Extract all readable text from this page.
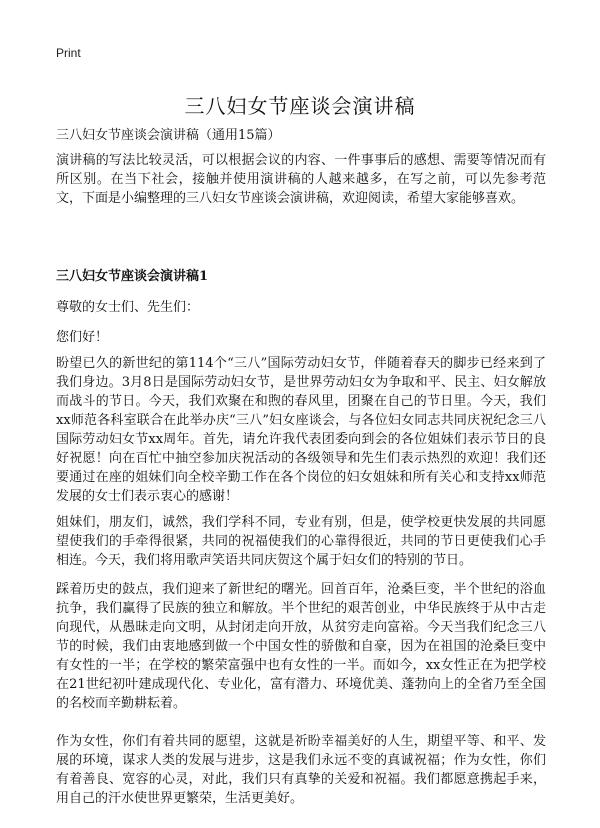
Print
三八妇女节座谈会演讲稿
三八妇女节座谈会演讲稿（通用15篇）

演讲稿的写法比较灵活，可以根据会议的内容、一件事事后的感想、需要等情况而有所区别。在当下社会，接触并使用演讲稿的人越来越多，在写之前，可以先参考范文，下面是小编整理的三八妇女节座谈会演讲稿，欢迎阅读，希望大家能够喜欢。

三八妇女节座谈会演讲稿1
尊敬的女士们、先生们：
您们好！

盼望已久的新世纪的第114个“三八”国际劳动妇女节，伴随着春天的脚步已经来到了我们身边。3月8日是国际劳动妇女节，是世界劳动妇女为争取和平、民主、妇女解放而战斗的节日。今天，我们欢聚在和煦的春风里，团聚在自己的节日里。今天，我们xx师范各科室联合在此举办庆“三八”妇女座谈会，与各位妇女同志共同庆祝纪念三八国际劳动妇女节xx周年。首先，请允许我代表团委向到会的各位姐妹们表示节日的良好祝愿！向在百忙中抽空参加庆祝活动的各级领导和先生们表示热烈的欢迎！我们还要通过在座的姐妹们向全校辛勤工作在各个岗位的妇女姐妹和所有关心和支持xx师范发展的女士们表示衷心的感谢！

姐妹们，朋友们，诚然，我们学科不同，专业有别，但是，使学校更快发展的共同愿望使我们的手牵得很紧，共同的祝福使我们的心靠得很近，共同的节日更使我们心手相连。今天，我们将用歌声笑语共同庆贺这个属于妇女们的特别的节日。

踩着历史的鼓点，我们迎来了新世纪的曙光。回首百年，沧桑巨变，半个世纪的浴血抗争，我们赢得了民族的独立和解放。半个世纪的艰苦创业，中华民族终于从中古走向现代，从愚昧走向文明，从封闭走向开放，从贫穷走向富裕。今天当我们纪念三八节的时候，我们由衷地感到做一个中国女性的骄傲和自豪，因为在祖国的沧桑巨变中有女性的一半；在学校的繁荣富强中也有女性的一半。而如今，xx女性正在为把学校在21世纪初叶建成现代化、专业化，富有潜力、环境优美、蓬勃向上的全省乃至全国的名校而辛勤耕耘着。

作为女性，你们有着共同的愿望，这就是祈盼幸福美好的人生，期望平等、和平、发展的环境，谋求人类的发展与进步，这是我们永远不变的真诚祝福；作为女性，你们有着善良、宽容的心灵，对此，我们只有真挚的关爱和祝福。我们都愿意携起手来，用自己的汗水使世界更繁荣，生活更美好。
